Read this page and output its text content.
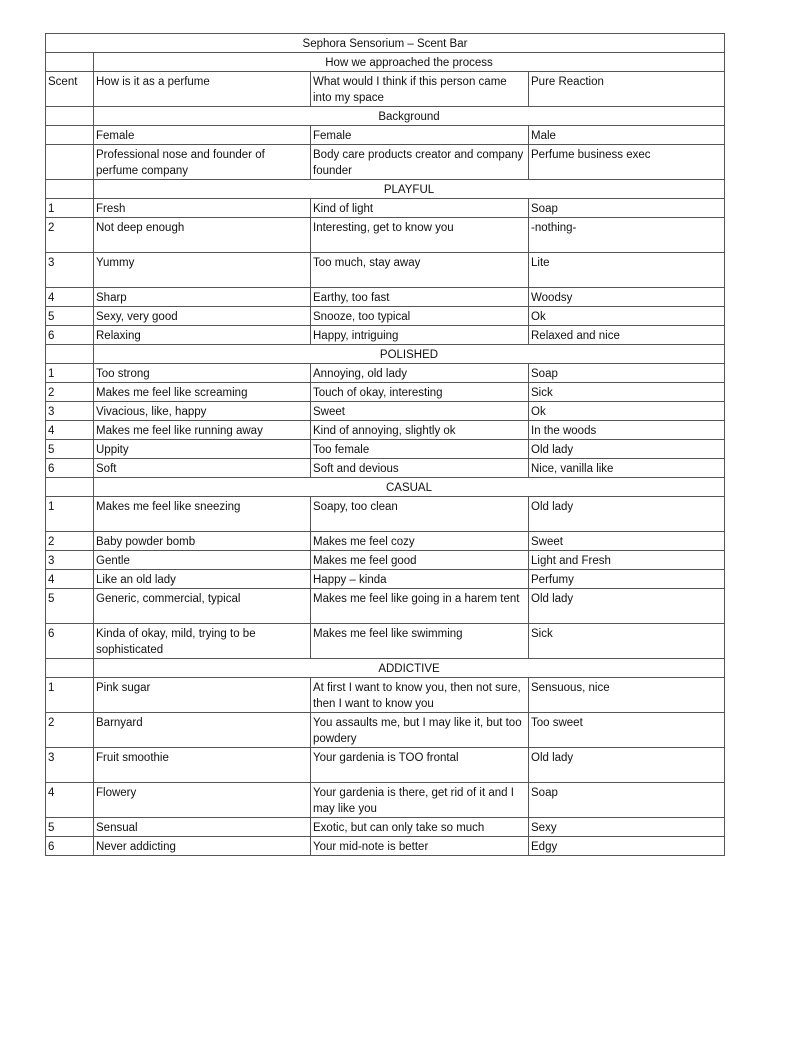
Sephora Sensorium – Scent Bar			
	How we approached the process		
Scent	How is it as a perfume	What would I think if this person came into my space	Pure Reaction
	Background		
	Female	Female	Male
	Professional nose and founder of perfume company	Body care products creator and company founder	Perfume business exec
	PLAYFUL		
1	Fresh	Kind of light	Soap
2	Not deep enough	Interesting, get to know you	-nothing-
3	Yummy	Too much, stay away	Lite
4	Sharp	Earthy, too fast	Woodsy
5	Sexy, very good	Snooze, too typical	Ok
6	Relaxing	Happy, intriguing	Relaxed and nice
	POLISHED		
1	Too strong	Annoying, old lady	Soap
2	Makes me feel like screaming	Touch of okay, interesting	Sick
3	Vivacious, like, happy	Sweet	Ok
4	Makes me feel like running away	Kind of annoying, slightly ok	In the woods
5	Uppity	Too female	Old lady
6	Soft	Soft and devious	Nice, vanilla like
	CASUAL		
1	Makes me feel like sneezing	Soapy, too clean	Old lady
2	Baby powder bomb	Makes me feel cozy	Sweet
3	Gentle	Makes me feel good	Light and Fresh
4	Like an old lady	Happy – kinda	Perfumy
5	Generic, commercial, typical	Makes me feel like going in a harem tent	Old lady
6	Kinda of okay, mild, trying to be sophisticated	Makes me feel like swimming	Sick
	ADDICTIVE		
1	Pink sugar	At first I want to know you, then not sure, then I want to know you	Sensuous, nice
2	Barnyard	You assaults me, but I may like it, but too powdery	Too sweet
3	Fruit smoothie	Your gardenia is TOO frontal	Old lady
4	Flowery	Your gardenia is there, get rid of it and I may like you	Soap
5	Sensual	Exotic, but can only take so much	Sexy
6	Never addicting	Your mid-note is better	Edgy
